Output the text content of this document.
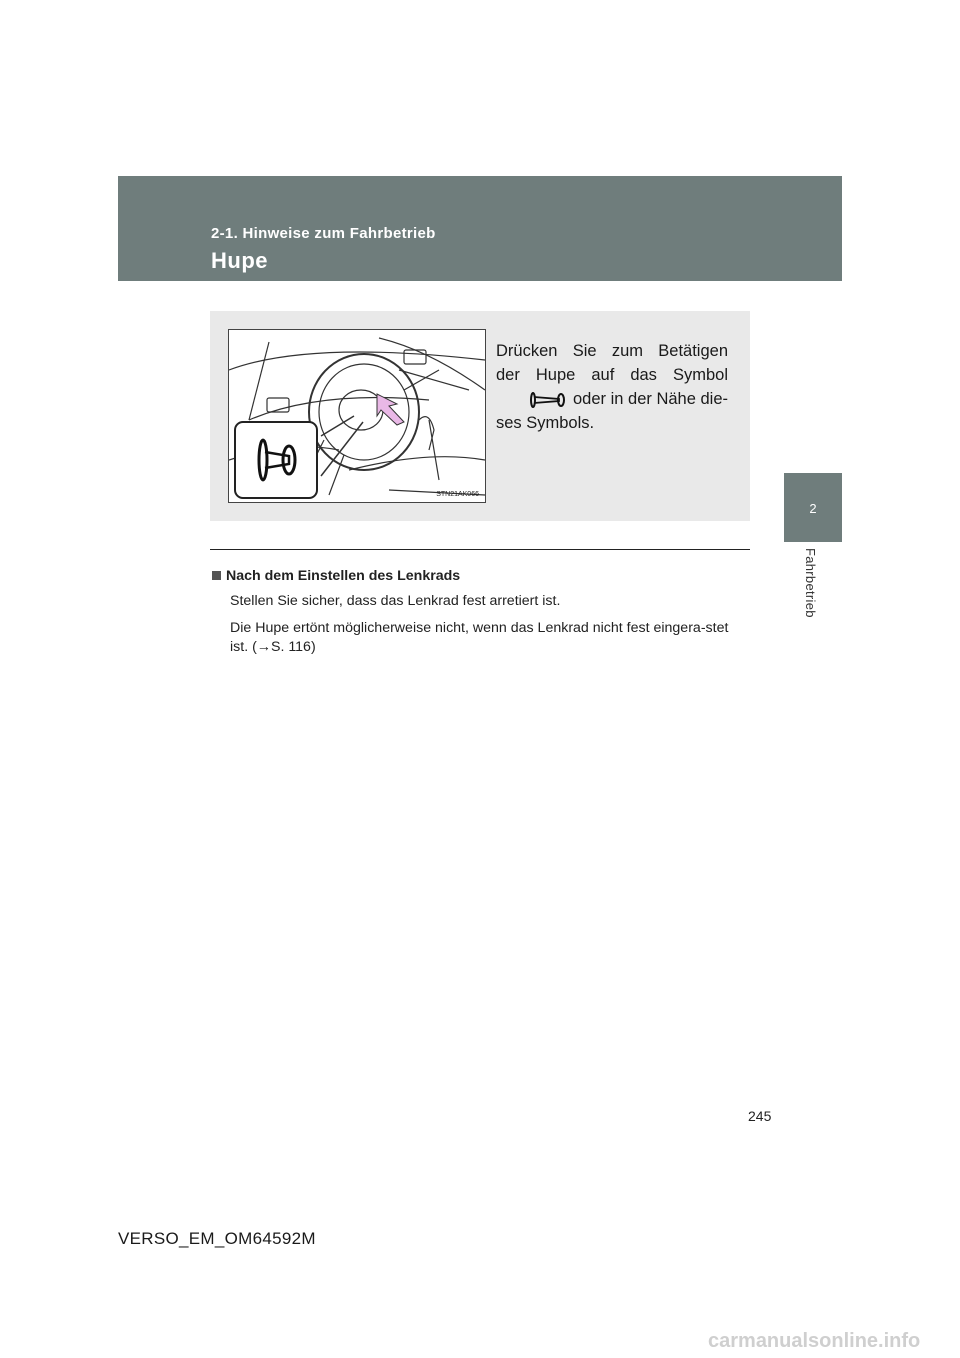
2-1. Hinweise zum Fahrbetrieb
Hupe
2
Fahrbetrieb
STN21AK066
Drücken Sie zum Betätigen
der Hupe auf das Symbol
oder in der Nähe die-
ses Symbols.
Nach dem Einstellen des Lenkrads

Stellen Sie sicher, dass das Lenkrad fest arretiert ist.

Die Hupe ertönt möglicherweise nicht, wenn das Lenkrad nicht fest eingera-stet ist. (→S. 116)

245
VERSO_EM_OM64592M
carmanualsonline.info
